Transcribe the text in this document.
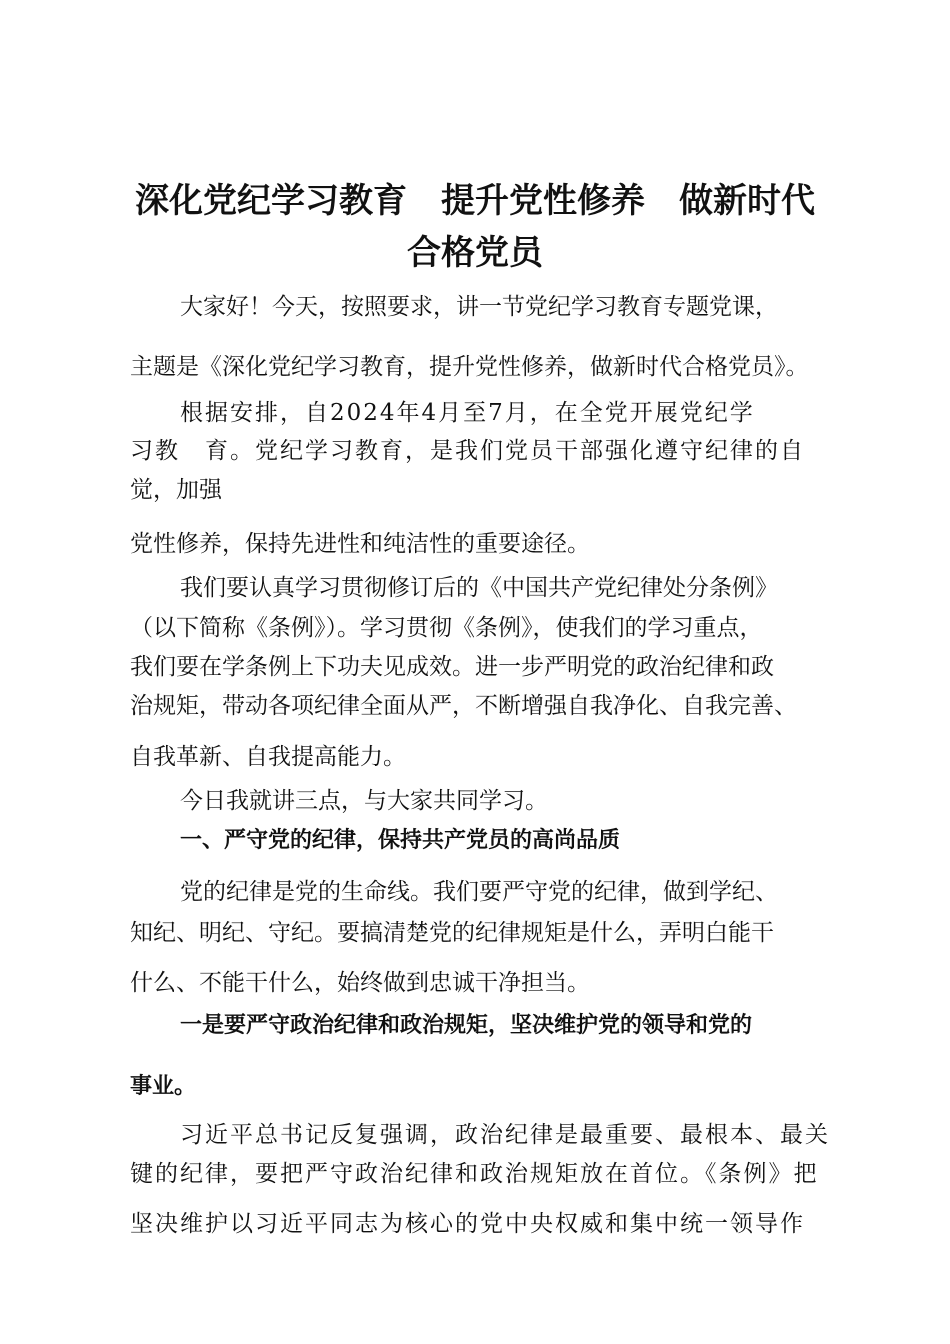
深化党纪学习教育　提升党性修养　做新时代
合格党员
大家好！今天，按照要求，讲一节党纪学习教育专题党课，
主题是《深化党纪学习教育，提升党性修养，做新时代合格党员》。
根据安排，自2024年4月至7月，在全党开展党纪学
习教　育。党纪学习教育，是我们党员干部强化遵守纪律的自
觉，加强
党性修养，保持先进性和纯洁性的重要途径。
我们要认真学习贯彻修订后的《中国共产党纪律处分条例》
（以下简称《条例》）。学习贯彻《条例》，使我们的学习重点，
我们要在学条例上下功夫见成效。进一步严明党的政治纪律和政
治规矩，带动各项纪律全面从严，不断增强自我净化、自我完善、
自我革新、自我提高能力。
今日我就讲三点，与大家共同学习。
一、严守党的纪律，保持共产党员的高尚品质
党的纪律是党的生命线。我们要严守党的纪律，做到学纪、
知纪、明纪、守纪。要搞清楚党的纪律规矩是什么，弄明白能干
什么、不能干什么，始终做到忠诚干净担当。
一是要严守政治纪律和政治规矩，坚决维护党的领导和党的
事业。
习近平总书记反复强调，政治纪律是最重要、最根本、最关
键的纪律，要把严守政治纪律和政治规矩放在首位。《条例》把
坚决维护以习近平同志为核心的党中央权威和集中统一领导作
